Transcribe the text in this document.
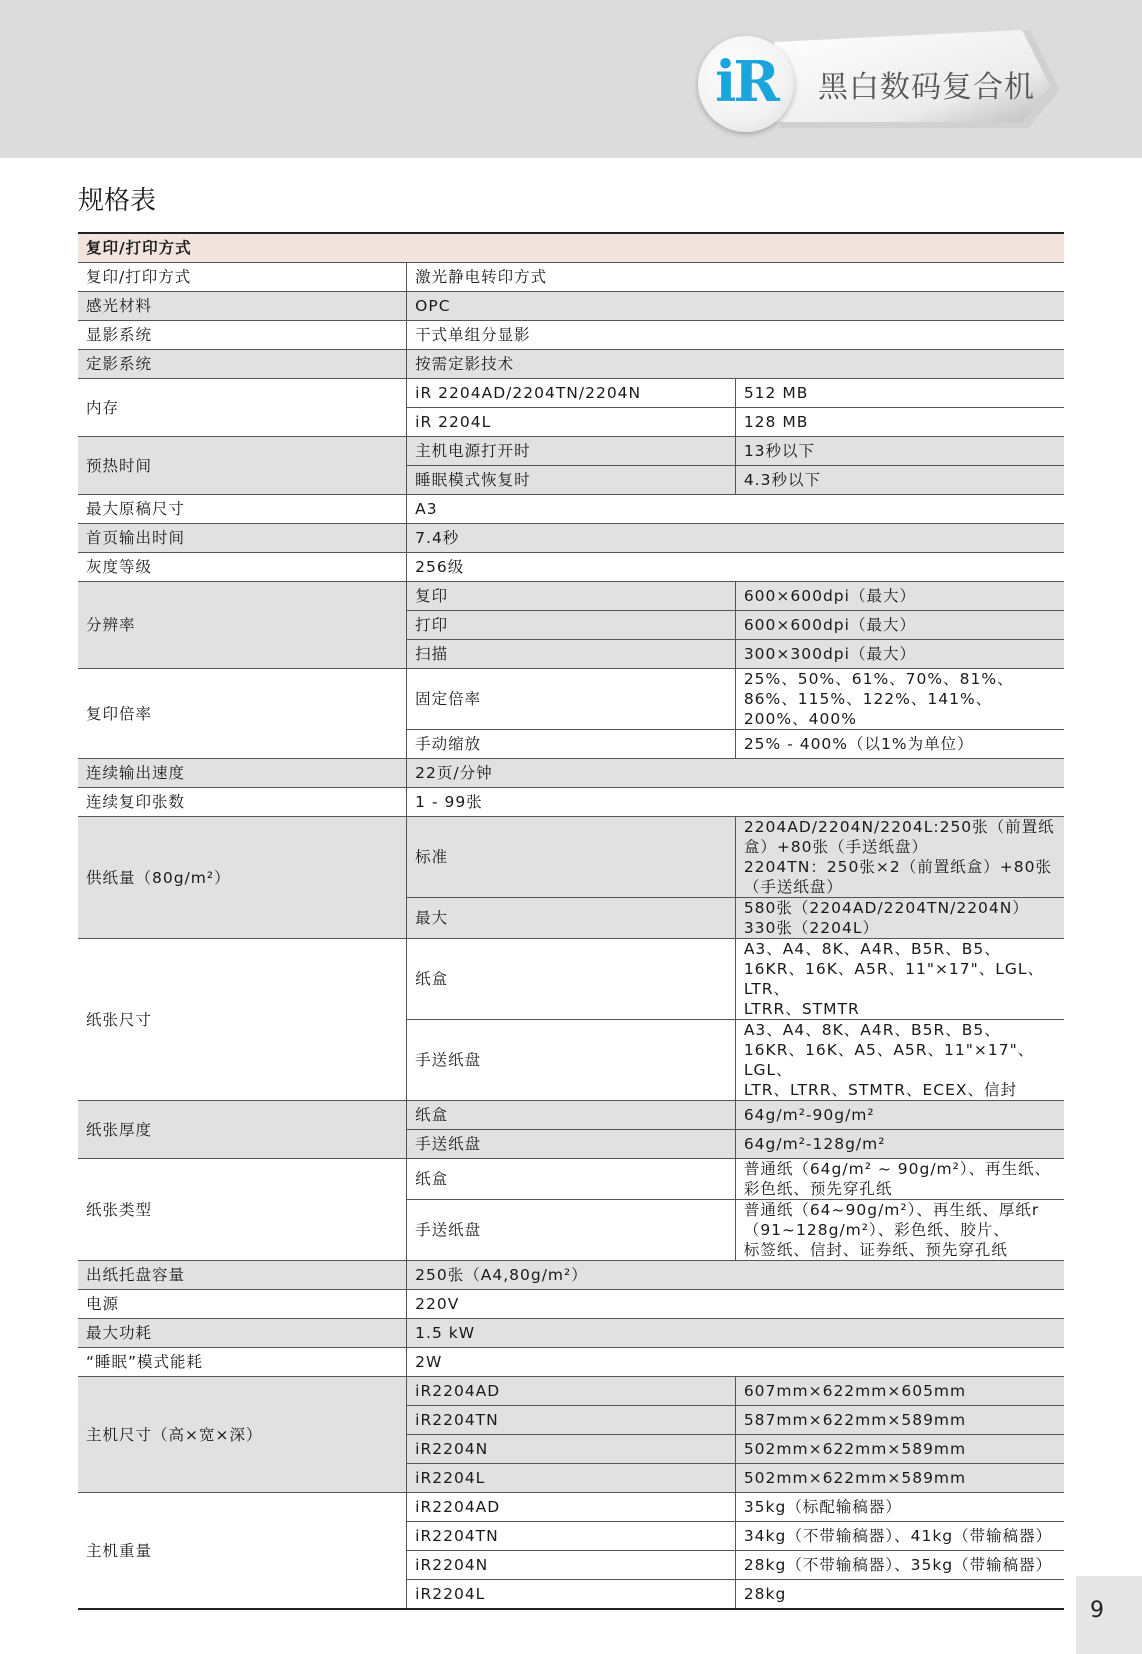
iR 黑白数码复合机
规格表
复印/打印方式		
复印/打印方式	激光静电转印方式	
感光材料	OPC	
显影系统	干式单组分显影	
定影系统	按需定影技术	
内存	iR 2204AD/2204TN/2204N	512 MB

	iR 2204L	128 MB

预热时间	主机电源打开时	13秒以下

	睡眠模式恢复时	4.3秒以下

最大原稿尺寸	A3	
首页输出时间	7.4秒	
灰度等级	256级	
分辨率	复印	600×600dpi（最大）

	打印	600×600dpi（最大）

	扫描	300×300dpi（最大）

复印倍率	固定倍率	25%、50%、61%、70%、81%、86%、115%、122%、141%、200%、400%

	手动缩放	25% - 400%（以1%为单位）

连续输出速度	22页/分钟	
连续复印张数	1 - 99张	
供纸量（80g/m²）	标准	2204AD/2204N/2204L:250张（前置纸盒）+80张（手送纸盘）
2204TN：250张×2（前置纸盒）+80张（手送纸盘）

	最大	580张（2204AD/2204TN/2204N） 330张（2204L）

纸张尺寸	纸盒	A3、A4、8K、A4R、B5R、B5、16KR、16K、A5R、11"×17"、LGL、LTR、
LTRR、STMTR

	手送纸盘	A3、A4、8K、A4R、B5R、B5、16KR、16K、A5、A5R、11"×17"、LGL、
LTR、LTRR、STMTR、ECEX、信封

纸张厚度	纸盒	64g/m²-90g/m²

	手送纸盘	64g/m²-128g/m²

纸张类型	纸盒	普通纸（64g/m² ~ 90g/m²）、再生纸、彩色纸、预先穿孔纸

	手送纸盘	普通纸（64~90g/m²）、再生纸、厚纸r（91~128g/m²）、彩色纸、胶片、
标签纸、信封、证券纸、预先穿孔纸

出纸托盘容量	250张（A4,80g/m²）	
电源	220V	
最大功耗	1.5 kW	
“睡眠”模式能耗	2W	
主机尺寸（高×宽×深）	iR2204AD	607mm×622mm×605mm

	iR2204TN	587mm×622mm×589mm

	iR2204N	502mm×622mm×589mm

	iR2204L	502mm×622mm×589mm

主机重量	iR2204AD	35kg（标配输稿器）

	iR2204TN	34kg（不带输稿器）、41kg（带输稿器）

	iR2204N	28kg（不带输稿器）、35kg（带输稿器）

	iR2204L	28kg
9
